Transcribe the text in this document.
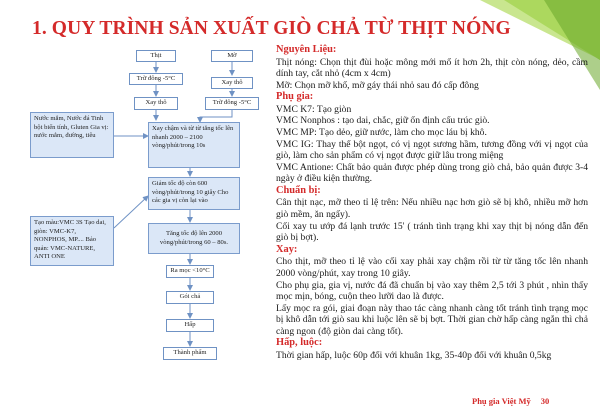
1. QUY TRÌNH SẢN XUẤT GIÒ CHẢ TỪ THỊT NÓNG
Thịt	Mỡ
Trữ đông -5°C
Xay thô
Xay thô	Trữ đông -5°C
Nước mắm, Nước đá Tinh bột biến tính, Gluten Gia vị: nước mắm, đường, tiêu
Xay chậm và từ từ tăng tốc lên nhanh 2000 – 2100 vòng/phút/trong 10s
Giảm tốc độ còn 600 vòng/phút/trong 10 giây Cho các gia vị còn lại vào
Tạo màu:VMC 3S Tạo dai, giòn: VMC-K7, NONPHOS, MP.... Bảo quản: VMC-NATURE, ANTI ONE
Tăng tốc độ lên 2000 vòng/phút/trong 60 – 80s.
Ra mọc <10°C
Gói chả
Hấp
Thành phẩm
Nguyên Liệu:
Thịt nóng: Chọn thịt đùi hoặc mông mới mổ ít hơn 2h, thịt còn nóng, dẻo, cầm dính tay, cắt nhỏ (4cm x 4cm)
Mỡ: Chọn mỡ khổ, mỡ gáy thái nhỏ sau đó cấp đông
Phụ gia:
VMC K7: Tạo giòn
VMC Nonphos : tạo dai, chắc, giữ ổn định cấu trúc giò.
VMC MP: Tạo dẻo, giữ nước, làm cho mọc láu bị khô.
VMC IG: Thay thế bột ngọt, có vị ngọt sương hầm, tương đồng với vị ngọt của giò, làm cho sản phẩm có vị ngọt được giữ lâu trong miệng
VMC Antione: Chất bảo quản được phép dùng trong giò chả, bảo quản được 3-4 ngày ở điều kiện thường.
Chuẩn bị:
Cân thịt nạc, mỡ theo tỉ lệ trên: Nếu nhiều nạc hơn giò sẽ bị khô, nhiều mỡ hơn giò mềm, ăn ngấy).
Cối xay tu ướp đá lạnh trước 15' ( tránh tình trạng khi xay thịt bị nóng dẫn đến giò bị bợt).
Xay:
Cho thịt, mỡ theo tỉ lệ vào cối xay phải xay chậm rồi từ từ tăng tốc lên nhanh 2000 vòng/phút, xay trong 10 giây.
Cho phụ gia, gia vị, nước đá đã chuẩn bị vào xay thêm 2,5 tới 3 phút , nhìn thấy mọc mịn, bóng, cuộn theo lưỡi dao là được.
Lấy mọc ra gói, giai đoạn này thao tác càng nhanh càng tốt tránh tình trạng mọc bị khô dẫn tới giò sau khi luộc lên sẽ bị bợt. Thời gian chờ hấp càng ngắn thì chả càng ngon (độ giòn dai càng tốt).
Hấp, luộc:
Thời gian hấp, luộc 60p đối với khuân 1kg, 35-40p đối với khuân 0,5kg
Phụ gia Việt Mỹ 30
